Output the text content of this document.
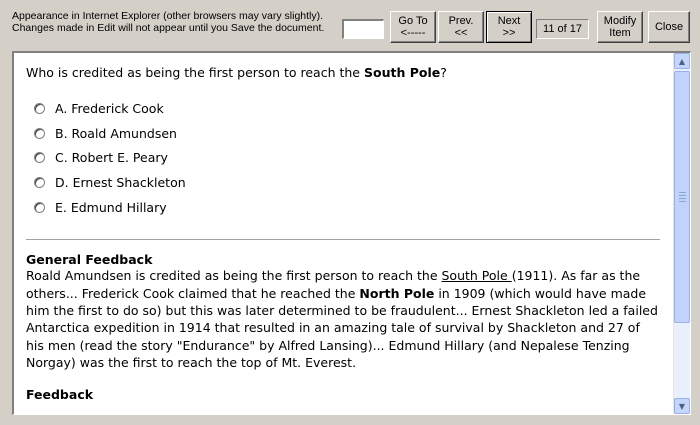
Appearance in Internet Explorer (other browsers may vary slightly).
Changes made in Edit will not appear until you Save the document.
Go To
<-----
Prev.
<<
Next
>>	11 of 17
Modify
Item Close
Who is credited as being the first person to reach the South Pole?
A. Frederick Cook
B. Roald Amundsen
C. Robert E. Peary
D. Ernest Shackleton
E. Edmund Hillary
General Feedback
Roald Amundsen is credited as being the first person to reach the South Pole (1911). As far as the others... Frederick Cook claimed that he reached the North Pole in 1909 (which would have made him the first to do so) but this was later determined to be fraudulent... Ernest Shackleton led a failed Antarctica expedition in 1914 that resulted in an amazing tale of survival by Shackleton and 27 of his men (read the story "Endurance" by Alfred Lansing)... Edmund Hillary (and Nepalese Tenzing Norgay) was the first to reach the top of Mt. Everest.
Feedback
▲
▼
